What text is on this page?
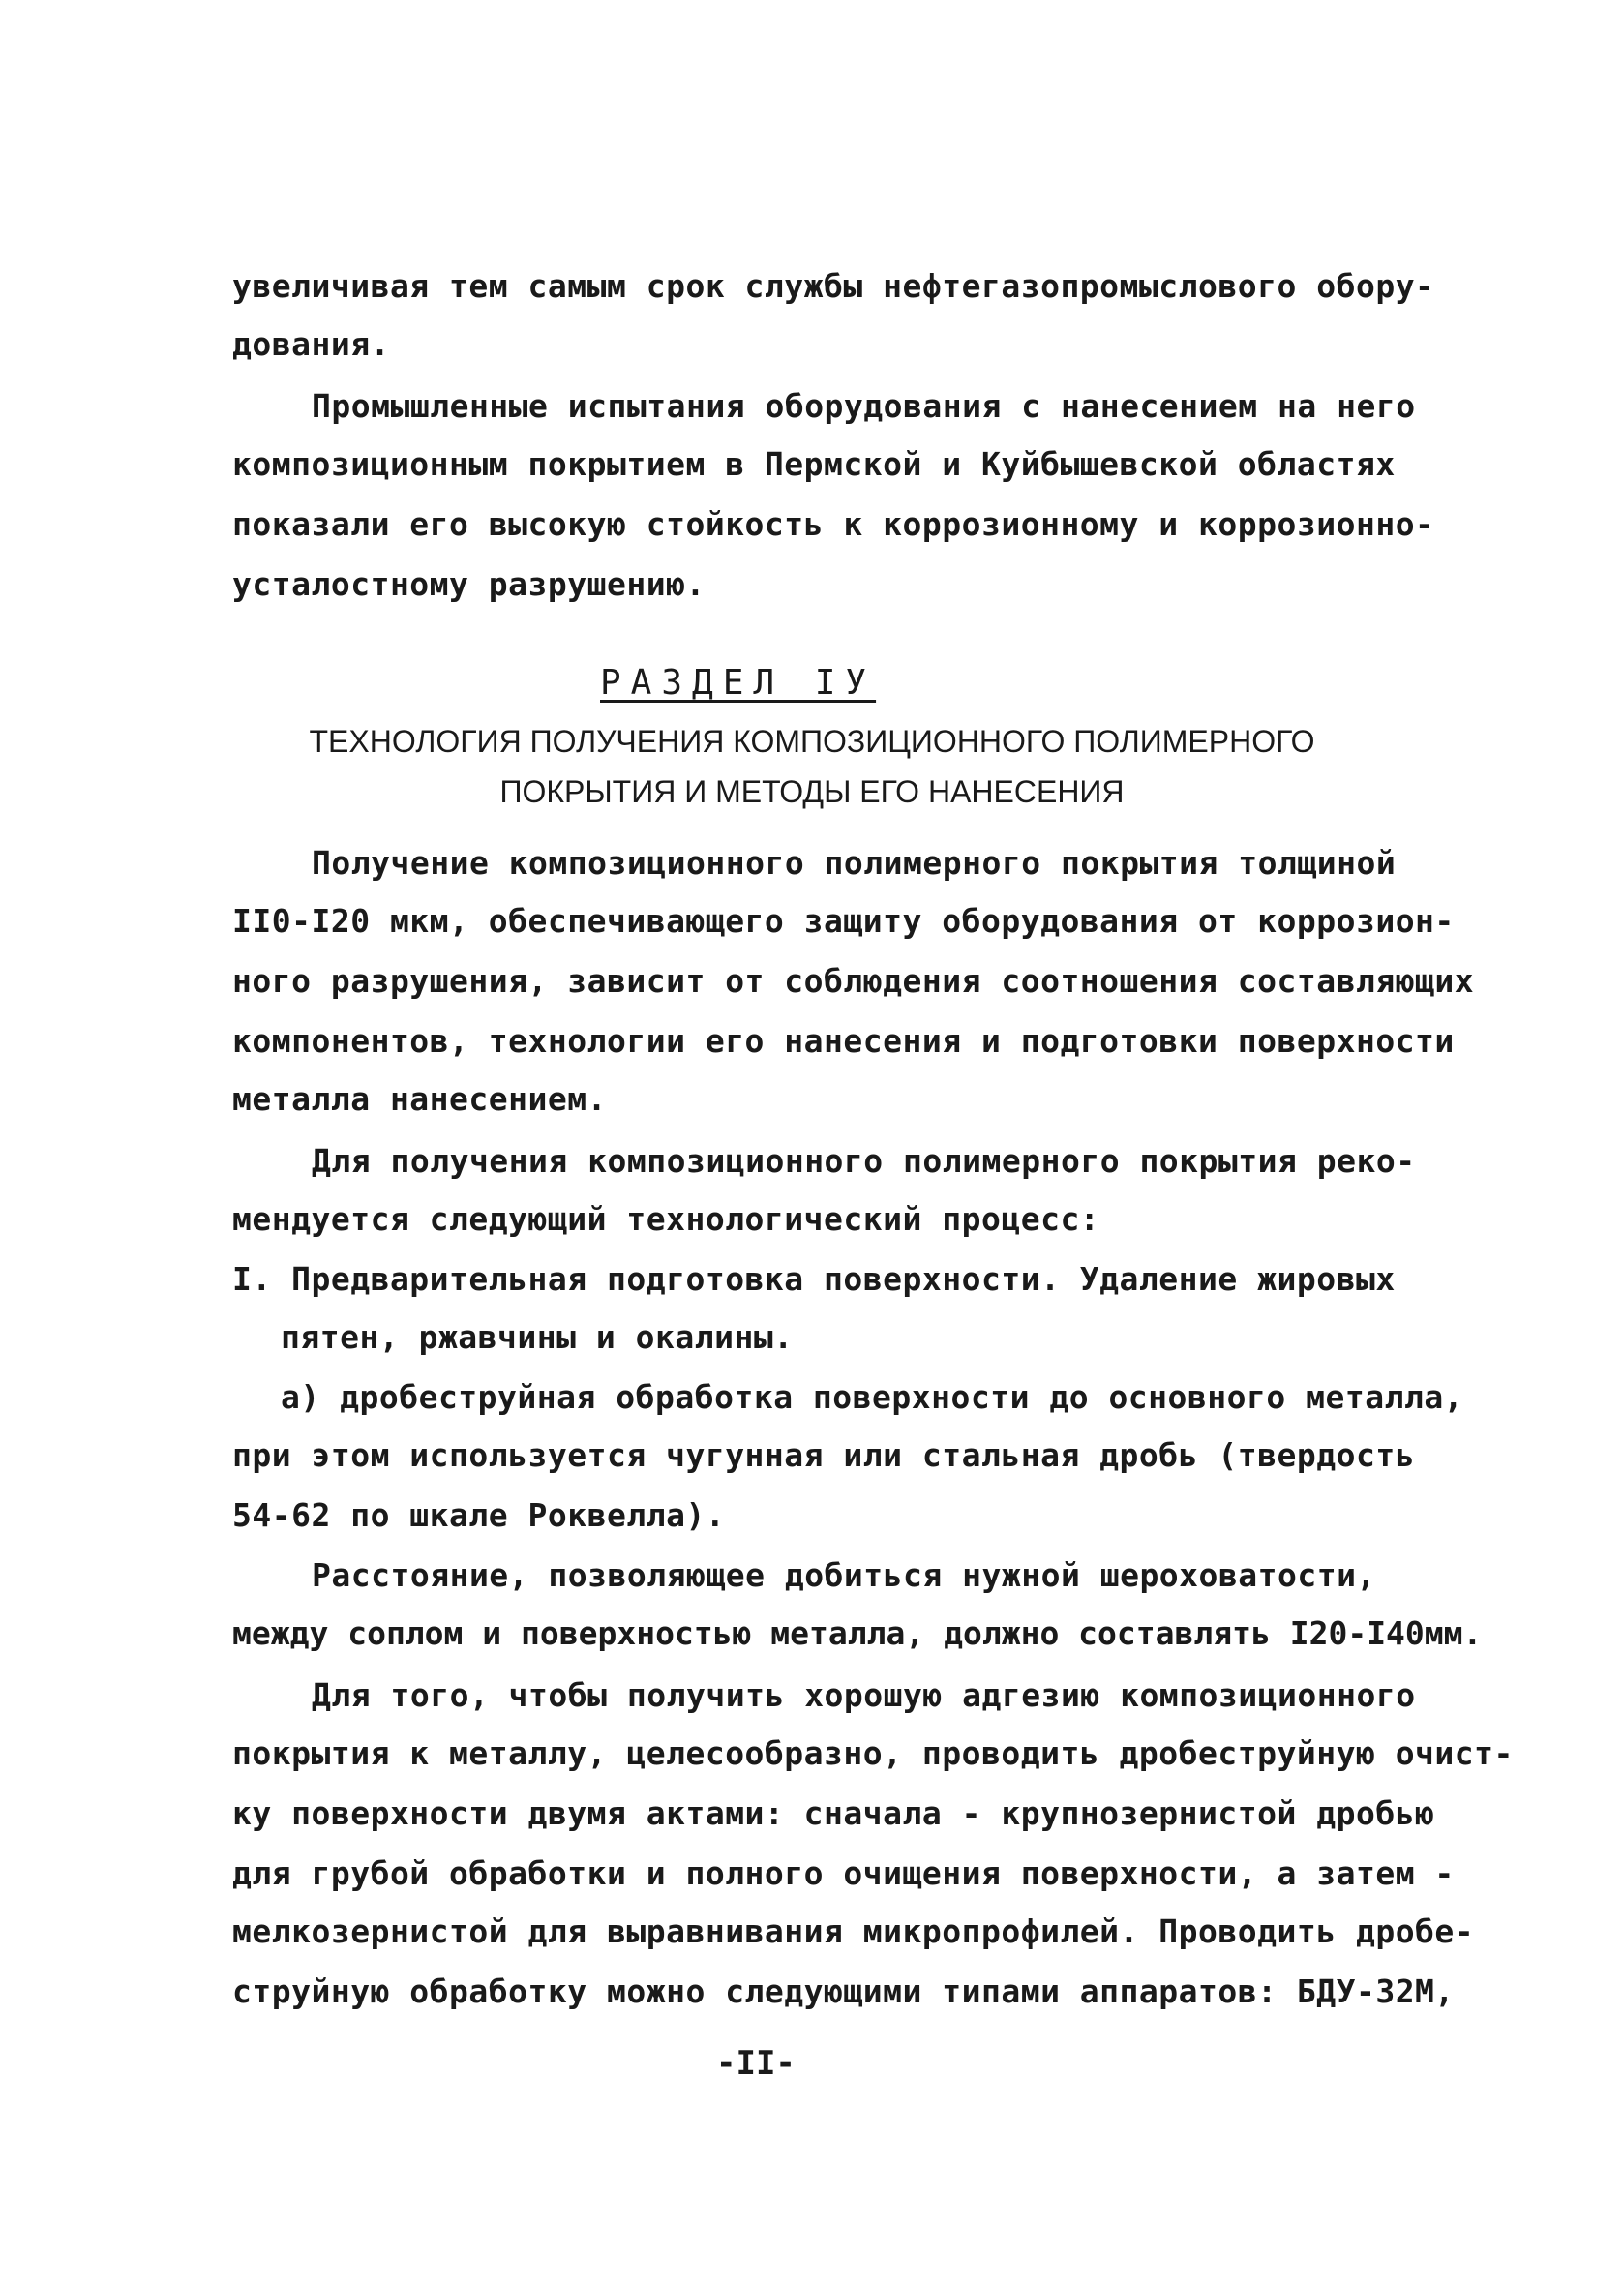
увеличивая тем самым срок службы нефтегазопромыслового обору-
дования.
Промышленные испытания оборудования с нанесением на него
композиционным покрытием в Пермской и Куйбышевской областях
показали его высокую стойкость к коррозионному и коррозионно-
усталостному разрушению.
РАЗДЕЛ IУ
ТЕХНОЛОГИЯ ПОЛУЧЕНИЯ КОМПОЗИЦИОННОГО ПОЛИМЕРНОГО
ПОКРЫТИЯ И МЕТОДЫ ЕГО НАНЕСЕНИЯ
Получение композиционного полимерного покрытия толщиной
II0-I20 мкм, обеспечивающего защиту оборудования от коррозион-
ного разрушения, зависит от соблюдения соотношения составляющих
компонентов, технологии его нанесения и подготовки поверхности
металла нанесением.
Для получения композиционного полимерного покрытия реко-
мендуется следующий технологический процесс:
I. Предварительная подготовка поверхности. Удаление жировых
пятен, ржавчины и окалины.
а) дробеструйная обработка поверхности до основного металла,
при этом используется чугунная или стальная дробь (твердость
54-62 по шкале Роквелла).
Расстояние, позволяющее добиться нужной шероховатости,
между соплом и поверхностью металла, должно составлять I20-I40мм.
Для того, чтобы получить хорошую адгезию композиционного
покрытия к металлу, целесообразно, проводить дробеструйную очист-
ку поверхности двумя актами: сначала - крупнозернистой дробью
для грубой обработки и полного очищения поверхности, а затем -
мелкозернистой для выравнивания микропрофилей. Проводить дробе-
струйную обработку можно следующими типами аппаратов: БДУ-32М,
-II-
